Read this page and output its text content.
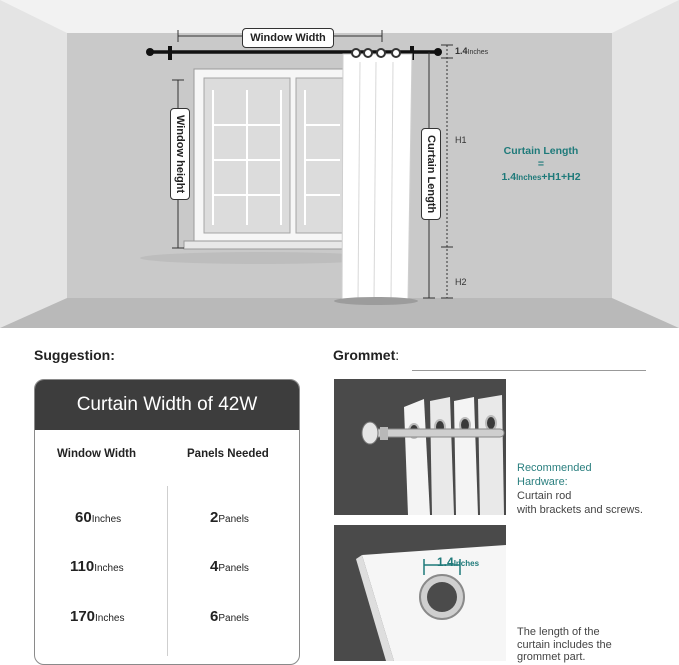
Window Width
Window height	Curtain Length
1.4Inches
H1
H2
Curtain Length
=
1.4Inches+H1+H2
Suggestion:
Curtain Width of 42W
Window Width	Panels Needed
60Inches	2Panels
110Inches	4Panels
170Inches	6Panels
Grommet:
Recommended
Hardware:
Curtain rod
with brackets and screws.
1.4Inches
The length of the
curtain includes the
grommet part.
